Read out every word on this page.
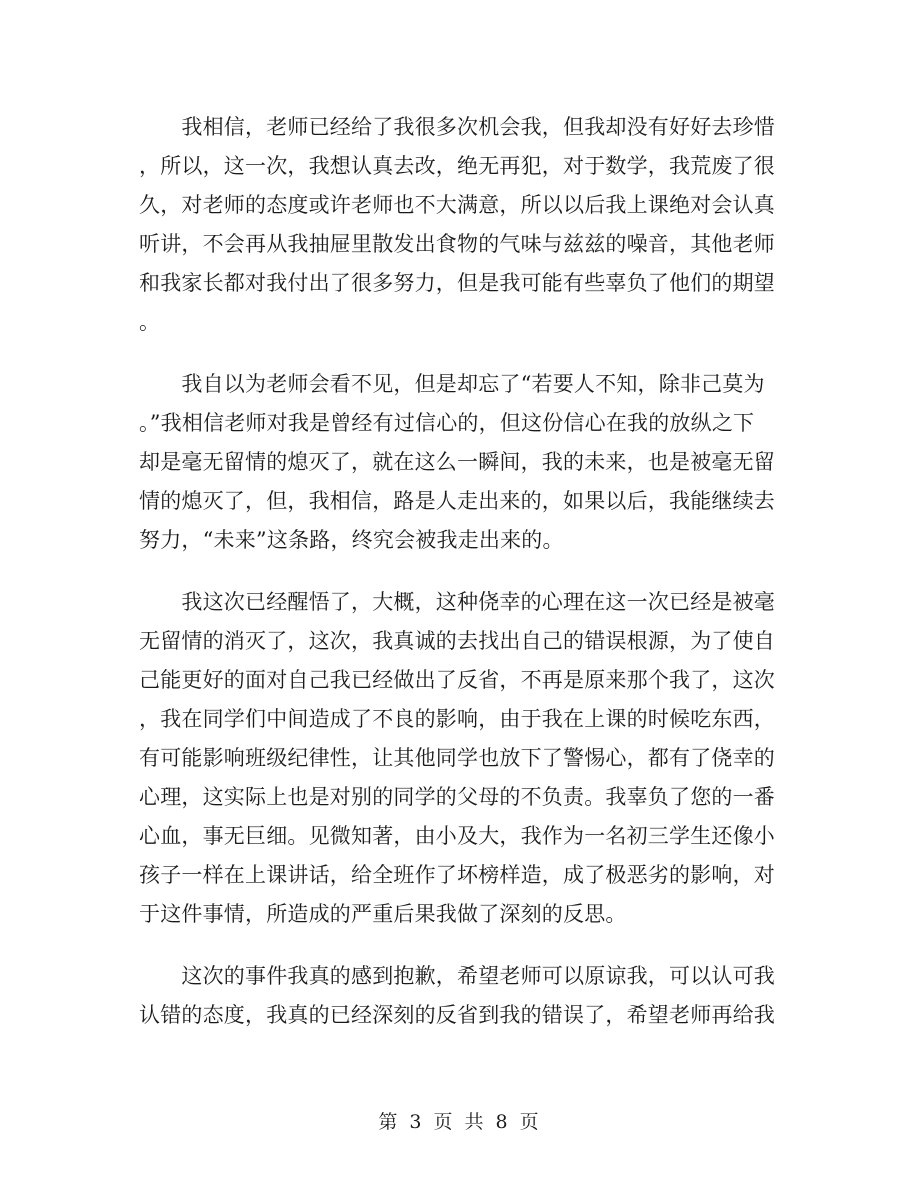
　　我相信，老师已经给了我很多次机会我，但我却没有好好去珍惜
，所以，这一次，我想认真去改，绝无再犯，对于数学，我荒废了很
久，对老师的态度或许老师也不大满意，所以以后我上课绝对会认真
听讲，不会再从我抽屉里散发出食物的气味与兹兹的噪音，其他老师
和我家长都对我付出了很多努力，但是我可能有些辜负了他们的期望
。
　　我自以为老师会看不见，但是却忘了“若要人不知，除非己莫为
。”我相信老师对我是曾经有过信心的，但这份信心在我的放纵之下
却是毫无留情的熄灭了，就在这么一瞬间，我的未来，也是被毫无留
情的熄灭了，但，我相信，路是人走出来的，如果以后，我能继续去
努力，“未来”这条路，终究会被我走出来的。
　　我这次已经醒悟了，大概，这种侥幸的心理在这一次已经是被毫
无留情的消灭了，这次，我真诚的去找出自己的错误根源，为了使自
己能更好的面对自己我已经做出了反省，不再是原来那个我了，这次
，我在同学们中间造成了不良的影响，由于我在上课的时候吃东西，
有可能影响班级纪律性，让其他同学也放下了警惕心，都有了侥幸的
心理，这实际上也是对别的同学的父母的不负责。我辜负了您的一番
心血，事无巨细。见微知著，由小及大，我作为一名初三学生还像小
孩子一样在上课讲话，给全班作了坏榜样造，成了极恶劣的影响，对
于这件事情，所造成的严重后果我做了深刻的反思。
　　这次的事件我真的感到抱歉，希望老师可以原谅我，可以认可我
认错的态度，我真的已经深刻的反省到我的错误了，希望老师再给我
第 3 页 共 8 页
